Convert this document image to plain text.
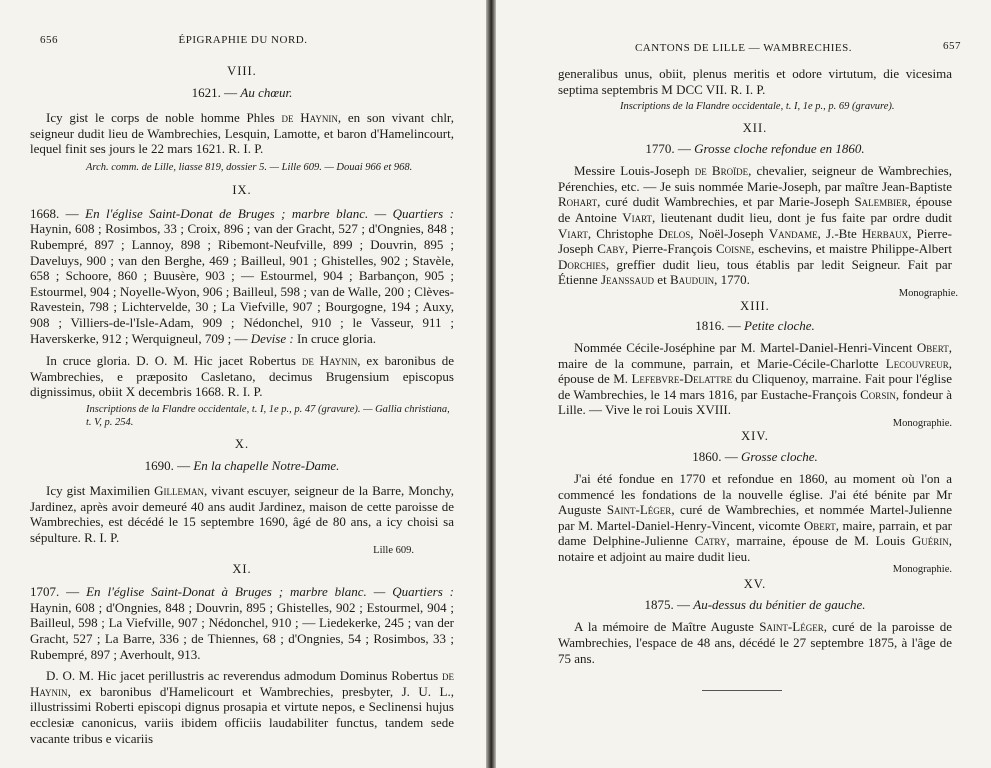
656	ÉPIGRAPHIE DU NORD.

VIII.

1621. — Au chœur.

Icy gist le corps de noble homme Phles de Haynin, en son vivant chlr, seigneur dudit lieu de Wambrechies, Lesquin, Lamotte, et baron d'Hamelincourt, lequel finit ses jours le 22 mars 1621. R. I. P.

Arch. comm. de Lille, liasse 819, dossier 5. — Lille 609. — Douai 966 et 968.

IX.

1668. — En l'église Saint-Donat de Bruges ; marbre blanc. — Quartiers : Haynin, 608 ; Rosimbos, 33 ; Croix, 896 ; van der Gracht, 527 ; d'Ongnies, 848 ; Rubempré, 897 ; Lannoy, 898 ; Ribemont-Neufville, 899 ; Douvrin, 895 ; Daveluys, 900 ; van den Berghe, 469 ; Bailleul, 901 ; Ghistelles, 902 ; Stavèle, 658 ; Schoore, 860 ; Buusère, 903 ; — Estourmel, 904 ; Barbançon, 905 ; Estourmel, 904 ; Noyelle-Wyon, 906 ; Bailleul, 598 ; van de Walle, 200 ; Clèves-Ravestein, 798 ; Lichtervelde, 30 ; La Viefville, 907 ; Bourgogne, 194 ; Auxy, 908 ; Villiers-de-l'Isle-Adam, 909 ; Nédonchel, 910 ; le Vasseur, 911 ; Haverskerke, 912 ; Werquigneul, 709 ; — Devise : In cruce gloria.

In cruce gloria. D. O. M. Hic jacet Robertus de Haynin, ex baronibus de Wambrechies, e præposito Casletano, decimus Brugensium episcopus dignissimus, obiit X decembris 1668. R. I. P.

Inscriptions de la Flandre occidentale, t. I, 1e p., p. 47 (gravure). — Gallia christiana, t. V, p. 254.

X.

1690. — En la chapelle Notre-Dame.

Icy gist Maximilien Gilleman, vivant escuyer, seigneur de la Barre, Monchy, Jardinez, après avoir demeuré 40 ans audit Jardinez, maison de cette paroisse de Wambrechies, est décédé le 15 septembre 1690, âgé de 80 ans, a icy choisi sa sépulture. R. I. P.

Lille 609.

XI.

1707. — En l'église Saint-Donat à Bruges ; marbre blanc. — Quartiers : Haynin, 608 ; d'Ongnies, 848 ; Douvrin, 895 ; Ghistelles, 902 ; Estourmel, 904 ; Bailleul, 598 ; La Viefville, 907 ; Nédonchel, 910 ; — Liedekerke, 245 ; van der Gracht, 527 ; La Barre, 336 ; de Thiennes, 68 ; d'Ongnies, 54 ; Rosimbos, 33 ; Rubempré, 897 ; Averhoult, 913.

D. O. M. Hic jacet perillustris ac reverendus admodum Dominus Robertus de Haynin, ex baronibus d'Hamelicourt et Wambrechies, presbyter, J. U. L., illustrissimi Roberti episcopi dignus prosapia et virtute nepos, e Seclinensi hujus ecclesiæ canonicus, variis ibidem officiis laudabiliter functus, tandem sede vacante tribus e vicariis

CANTONS DE LILLE — WAMBRECHIES.	657

generalibus unus, obiit, plenus meritis et odore virtutum, die vicesima septima septembris M DCC VII. R. I. P.

Inscriptions de la Flandre occidentale, t. I, 1e p., p. 69 (gravure).

XII.

1770. — Grosse cloche refondue en 1860.

Messire Louis-Joseph de Broïde, chevalier, seigneur de Wambrechies, Pérenchies, etc. — Je suis nommée Marie-Joseph, par maître Jean-Baptiste Rohart, curé dudit Wambrechies, et par Marie-Joseph Salembier, épouse de Antoine Viart, lieutenant dudit lieu, dont je fus faite par ordre dudit Viart, Christophe Delos, Noël-Joseph Vandame, J.-Bte Herbaux, Pierre-Joseph Caby, Pierre-François Coisne, eschevins, et maistre Philippe-Albert Dorchies, greffier dudit lieu, tous établis par ledit Seigneur. Fait par Étienne Jeanssaud et Bauduin, 1770.

Monographie.

XIII.

1816. — Petite cloche.

Nommée Cécile-Joséphine par M. Martel-Daniel-Henri-Vincent Obert, maire de la commune, parrain, et Marie-Cécile-Charlotte Lecouvreur, épouse de M. Lefebvre-Delattre du Cliquenoy, marraine. Fait pour l'église de Wambrechies, le 14 mars 1816, par Eustache-François Corsin, fondeur à Lille. — Vive le roi Louis XVIII.

Monographie.

XIV.

1860. — Grosse cloche.

J'ai été fondue en 1770 et refondue en 1860, au moment où l'on a commencé les fondations de la nouvelle église. J'ai été bénite par Mr Auguste Saint-Léger, curé de Wambrechies, et nommée Martel-Julienne par M. Martel-Daniel-Henry-Vincent, vicomte Obert, maire, parrain, et par dame Delphine-Julienne Catry, marraine, épouse de M. Louis Guérin, notaire et adjoint au maire dudit lieu.

Monographie.

XV.

1875. — Au-dessus du bénitier de gauche.

A la mémoire de Maître Auguste Saint-Léger, curé de la paroisse de Wambrechies, l'espace de 48 ans, décédé le 27 septembre 1875, à l'âge de 75 ans.
